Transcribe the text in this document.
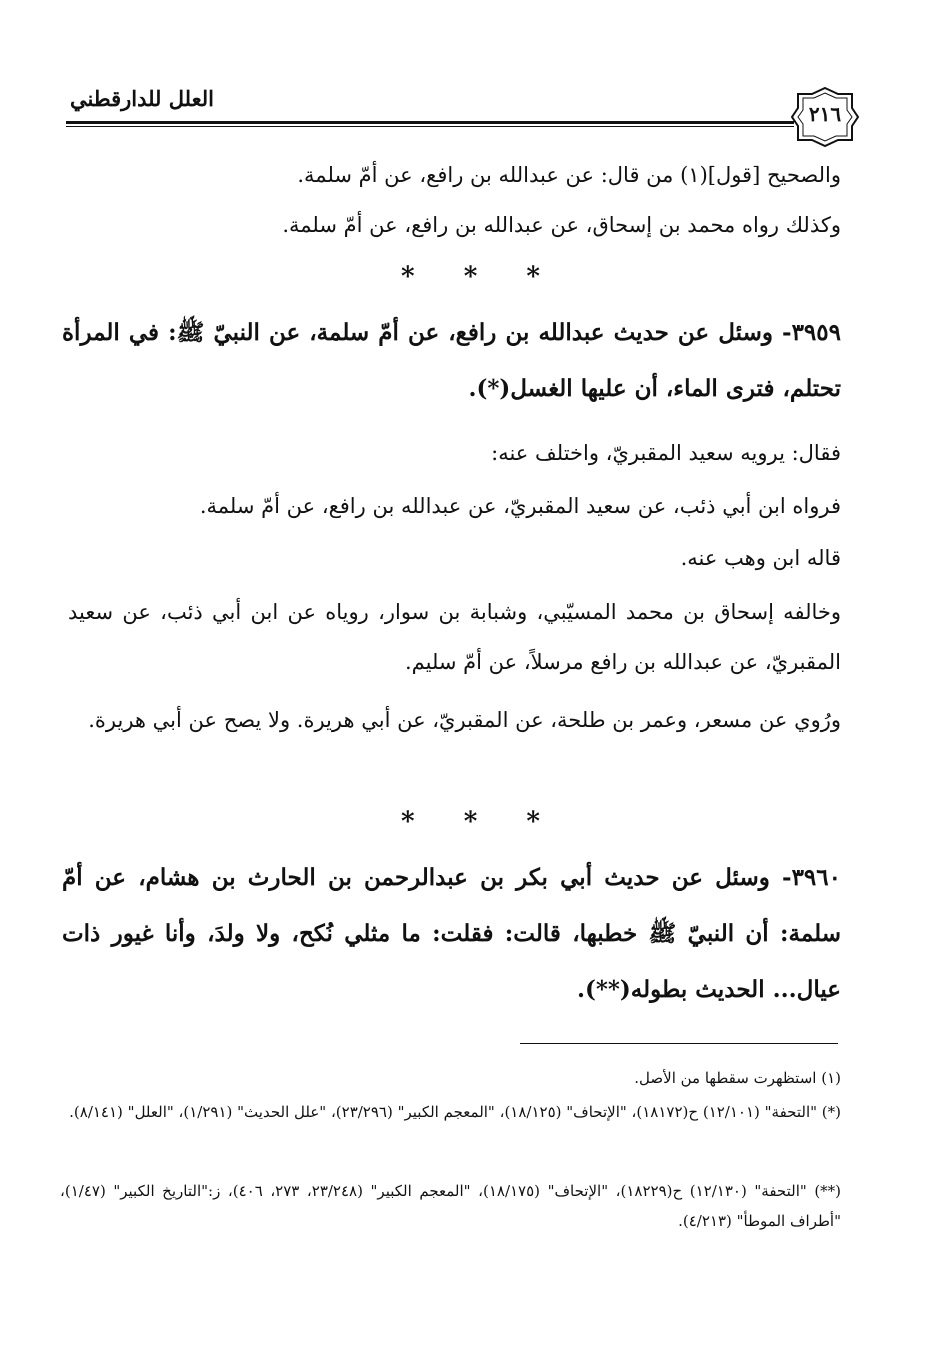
العلل للدارقطني
٢١٦
والصحيح [قول](١) من قال: عن عبدالله بن رافع، عن أمّ سلمة.
وكذلك رواه محمد بن إسحاق، عن عبدالله بن رافع، عن أمّ سلمة.
* * *
٣٩٥٩- وسئل عن حديث عبدالله بن رافع، عن أمّ سلمة، عن النبيّ ﷺ: في المرأة تحتلم، فترى الماء، أن عليها الغسل(*).
فقال: يرويه سعيد المقبريّ، واختلف عنه:
فرواه ابن أبي ذئب، عن سعيد المقبريّ، عن عبدالله بن رافع، عن أمّ سلمة.
قاله ابن وهب عنه.
وخالفه إسحاق بن محمد المسيّبي، وشبابة بن سوار، روياه عن ابن أبي ذئب، عن سعيد المقبريّ، عن عبدالله بن رافع مرسلاً، عن أمّ سليم.
ورُوي عن مسعر، وعمر بن طلحة، عن المقبريّ، عن أبي هريرة. ولا يصح عن أبي هريرة.
* * *
٣٩٦٠- وسئل عن حديث أبي بكر بن عبدالرحمن بن الحارث بن هشام، عن أمّ سلمة: أن النبيّ ﷺ خطبها، قالت: فقلت: ما مثلي نُكح، ولا ولدَ، وأنا غيور ذات عيال... الحديث بطوله(**).
(١) استظهرت سقطها من الأصل.
(*) "التحفة" (١٢/١٠١) ح(١٨١٧٢)، "الإتحاف" (١٨/١٢٥)، "المعجم الكبير" (٢٣/٢٩٦)، "علل الحديث" (١/٢٩١)، "العلل" (٨/١٤١).
(**) "التحفة" (١٢/١٣٠) ح(١٨٢٢٩)، "الإتحاف" (١٨/١٧٥)، "المعجم الكبير" (٢٣/٢٤٨، ٢٧٣، ٤٠٦)، ز:"التاريخ الكبير" (١/٤٧)، "أطراف الموطأ" (٤/٢١٣).
